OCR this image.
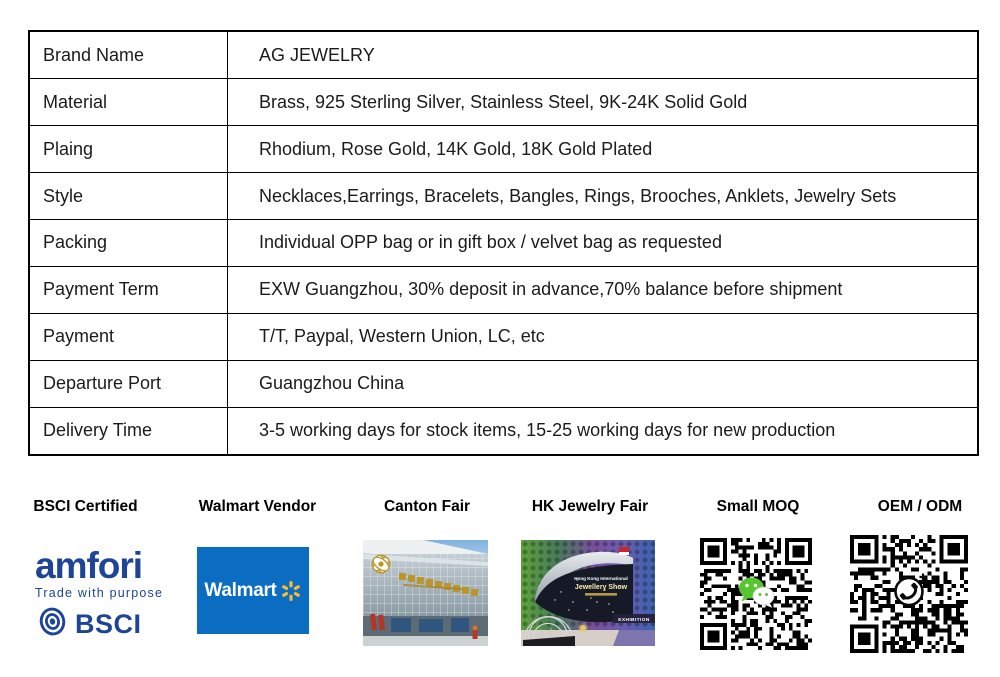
Brand Name	AG JEWELRY
Material	Brass, 925 Sterling Silver, Stainless Steel, 9K-24K Solid Gold
Plaing	Rhodium, Rose Gold, 14K Gold, 18K Gold Plated
Style	Necklaces,Earrings, Bracelets, Bangles, Rings, Brooches, Anklets, Jewelry Sets
Packing	Individual OPP bag or in gift box / velvet bag as requested
Payment Term	EXW Guangzhou, 30% deposit in advance,70% balance before shipment
Payment	T/T, Paypal, Western Union, LC, etc
Departure Port	Guangzhou China
Delivery Time	3-5 working days for stock items, 15-25 working days for new production
BSCI Certified	Walmart Vendor	Canton Fair	HK Jewelry Fair	Small MOQ	OEM / ODM
amfori
Trade with purpose
BSCI
Walmart
Hong Kong International
Jewellery Show
EXHIBITION
